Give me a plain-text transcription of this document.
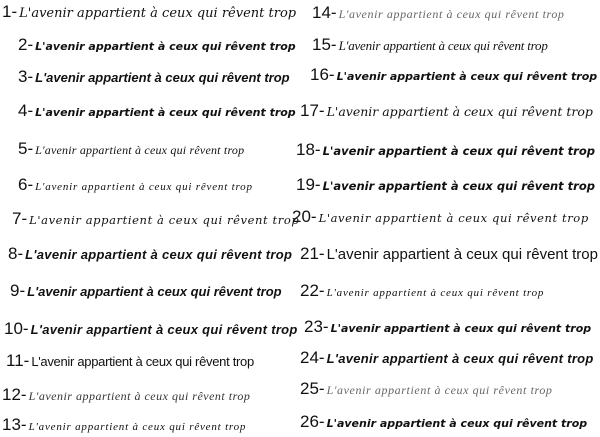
1- L'avenir appartient à ceux qui rêvent trop
2- L'avenir appartient à ceux qui rêvent trop
3- L'avenir appartient à ceux qui rêvent trop
4- L'avenir appartient à ceux qui rêvent trop
5- L'avenir appartient à ceux qui rêvent trop
6- L'avenir appartient à ceux qui rêvent trop
7- L'avenir appartient à ceux qui rêvent trop
8- L'avenir appartient à ceux qui rêvent trop
9- L'avenir appartient à ceux qui rêvent trop
10- L'avenir appartient à ceux qui rêvent trop
11- L'avenir appartient à ceux qui rêvent trop
12- L'avenir appartient à ceux qui rêvent trop
13- L'avenir appartient à ceux qui rêvent trop
14- L'avenir appartient à ceux qui rêvent trop
15- L'avenir appartient à ceux qui rêvent trop
16- L'avenir appartient à ceux qui rêvent trop
17- L'avenir appartient à ceux qui rêvent trop
18- L'avenir appartient à ceux qui rêvent trop
19- L'avenir appartient à ceux qui rêvent trop
20- L'avenir appartient à ceux qui rêvent trop
21- L'avenir appartient à ceux qui rêvent trop
22- L'avenir appartient à ceux qui rêvent trop
23- L'avenir appartient à ceux qui rêvent trop
24- L'avenir appartient à ceux qui rêvent trop
25- L'avenir appartient à ceux qui rêvent trop
26- L'avenir appartient à ceux qui rêvent trop
